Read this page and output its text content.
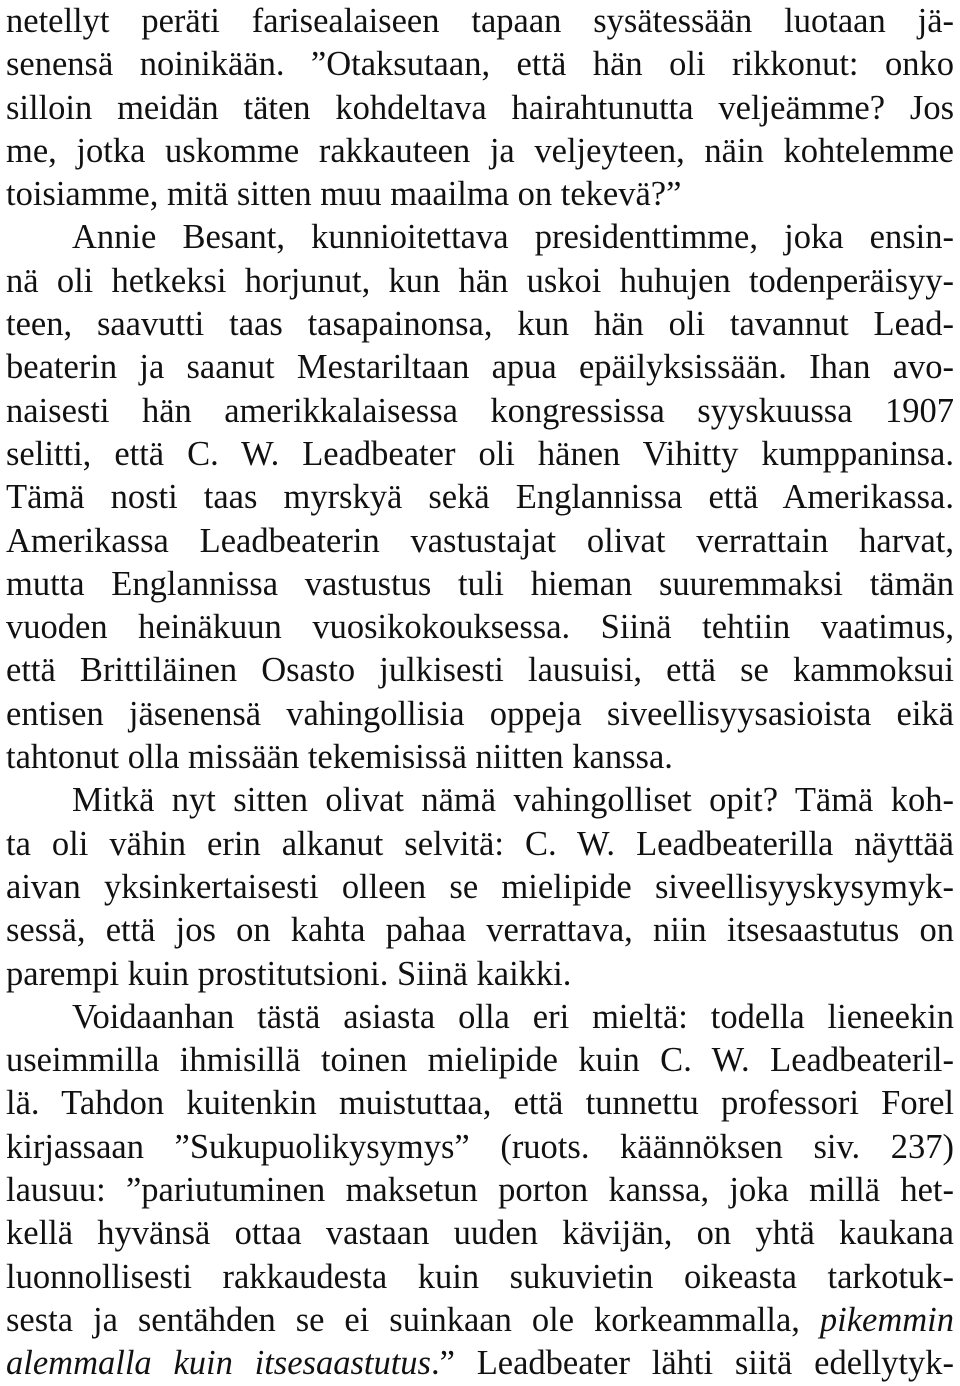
netellyt peräti farisealaiseen tapaan sysätessään luotaan jä-
senensä noinikään. ”Otaksutaan, että hän oli rikkonut: onko
silloin meidän täten kohdeltava hairahtunutta veljeämme? Jos
me, jotka uskomme rakkauteen ja veljeyteen, näin kohtelemme
toisiamme, mitä sitten muu maailma on tekevä?”
Annie Besant, kunnioitettava presidenttimme, joka ensin-
nä oli hetkeksi horjunut, kun hän uskoi huhujen todenperäisyy-
teen, saavutti taas tasapainonsa, kun hän oli tavannut Lead-
beaterin ja saanut Mestariltaan apua epäilyksissään. Ihan avo-
naisesti hän amerikkalaisessa kongressissa syyskuussa 1907
selitti, että C. W. Leadbeater oli hänen Vihitty kumppaninsa.
Tämä nosti taas myrskyä sekä Englannissa että Amerikassa.
Amerikassa Leadbeaterin vastustajat olivat verrattain harvat,
mutta Englannissa vastustus tuli hieman suuremmaksi tämän
vuoden heinäkuun vuosikokouksessa. Siinä tehtiin vaatimus,
että Brittiläinen Osasto julkisesti lausuisi, että se kammoksui
entisen jäsenensä vahingollisia oppeja siveellisyysasioista eikä
tahtonut olla missään tekemisissä niitten kanssa.
Mitkä nyt sitten olivat nämä vahingolliset opit? Tämä koh-
ta oli vähin erin alkanut selvitä: C. W. Leadbeaterilla näyttää
aivan yksinkertaisesti olleen se mielipide siveellisyyskysymyk-
sessä, että jos on kahta pahaa verrattava, niin itsesaastutus on
parempi kuin prostitutsioni. Siinä kaikki.
Voidaanhan tästä asiasta olla eri mieltä: todella lieneekin
useimmilla ihmisillä toinen mielipide kuin C. W. Leadbeateril-
lä. Tahdon kuitenkin muistuttaa, että tunnettu professori Forel
kirjassaan ”Sukupuolikysymys” (ruots. käännöksen siv. 237)
lausuu: ”pariutuminen maksetun porton kanssa, joka millä het-
kellä hyvänsä ottaa vastaan uuden kävijän, on yhtä kaukana
luonnollisesti rakkaudesta kuin sukuvietin oikeasta tarkotuk-
sesta ja sentähden se ei suinkaan ole korkeammalla, pikemmin
alemmalla kuin itsesaastutus.” Leadbeater lähti siitä edellytyk-
